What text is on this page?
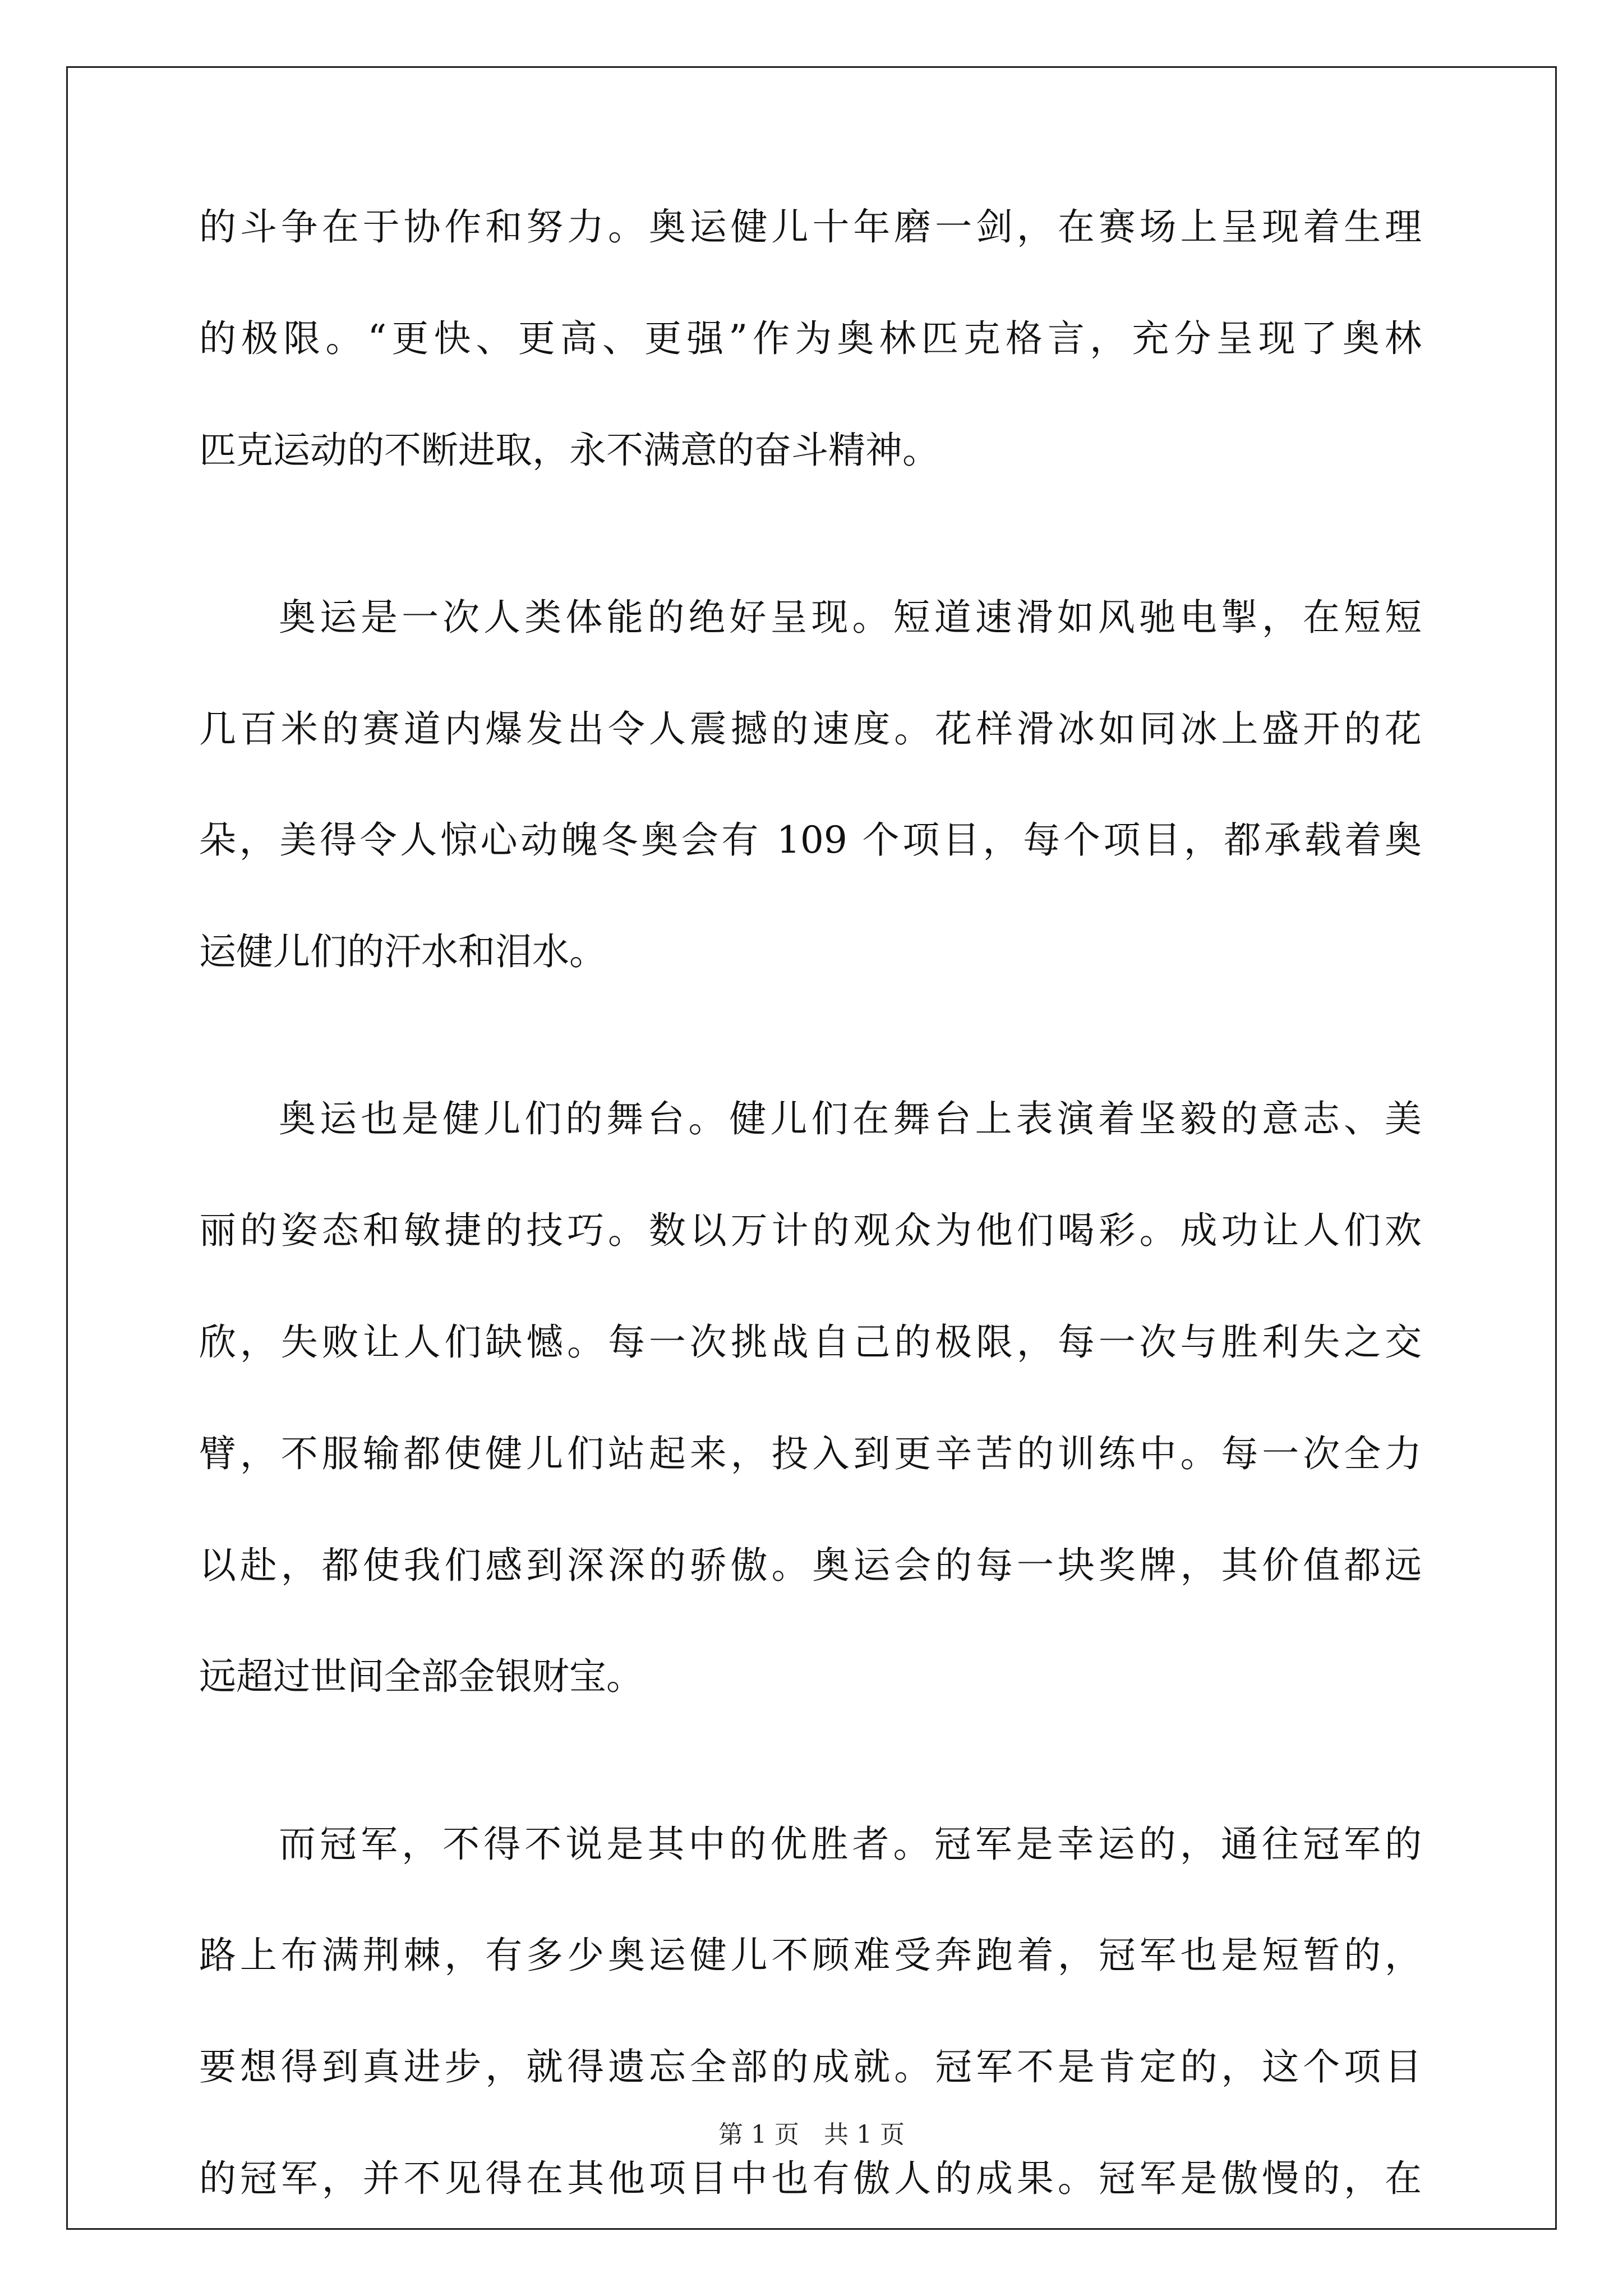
的斗争在于协作和努力。奥运健儿十年磨一剑，在赛场上呈现着生理
的极限。“更快、更高、更强”作为奥林匹克格言，充分呈现了奥林
匹克运动的不断进取，永不满意的奋斗精神。
奥运是一次人类体能的绝好呈现。短道速滑如风驰电掣，在短短
几百米的赛道内爆发出令人震撼的速度。花样滑冰如同冰上盛开的花
朵，美得令人惊心动魄冬奥会有 109 个项目，每个项目，都承载着奥
运健儿们的汗水和泪水。
奥运也是健儿们的舞台。健儿们在舞台上表演着坚毅的意志、美
丽的姿态和敏捷的技巧。数以万计的观众为他们喝彩。成功让人们欢
欣，失败让人们缺憾。每一次挑战自己的极限，每一次与胜利失之交
臂，不服输都使健儿们站起来，投入到更辛苦的训练中。每一次全力
以赴，都使我们感到深深的骄傲。奥运会的每一块奖牌，其价值都远
远超过世间全部金银财宝。
而冠军，不得不说是其中的优胜者。冠军是幸运的，通往冠军的
路上布满荆棘，有多少奥运健儿不顾难受奔跑着，冠军也是短暂的，
要想得到真进步，就得遗忘全部的成就。冠军不是肯定的，这个项目
的冠军，并不见得在其他项目中也有傲人的成果。冠军是傲慢的，在
第 1 页　共 1 页
